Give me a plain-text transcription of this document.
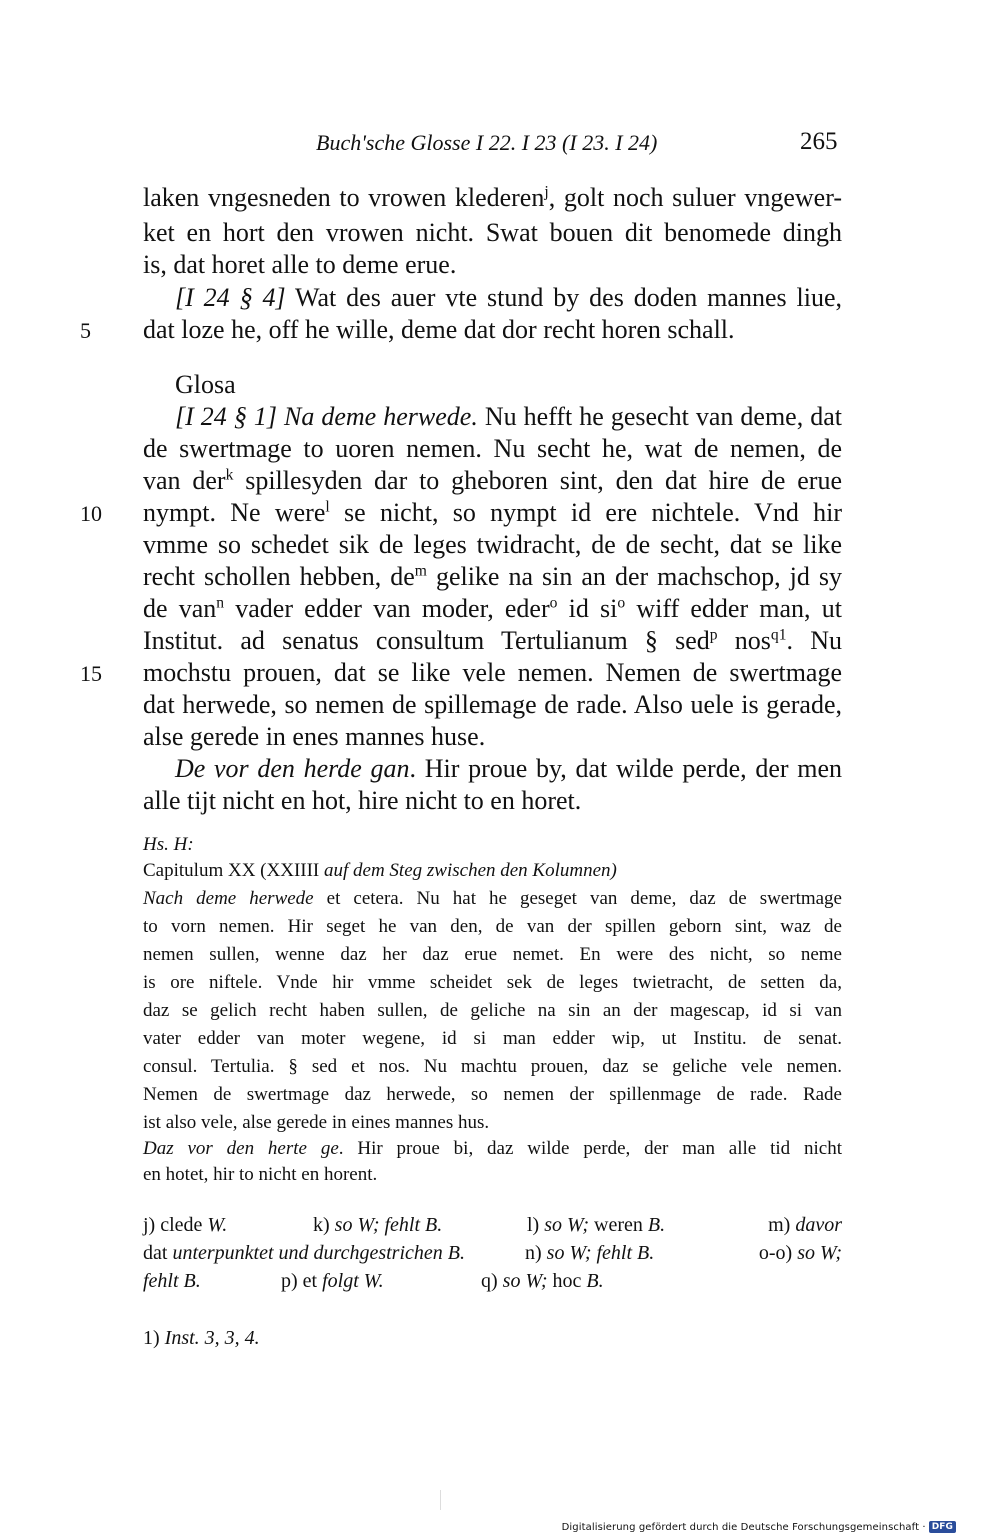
Buch'sche Glosse I 22. I 23 (I 23. I 24)	265
laken vngesneden to vrowen klederen$^j$, golt noch suluer vngewer-
ket en hort den vrowen nicht. Swat bouen dit benomede dingh
is, dat horet alle to deme erue.
[I 24 § 4] Wat des auer vte stund by des doden mannes liue,
dat loze he, off he wille, deme dat dor recht horen schall.
Glosa
[I 24 § 1] Na deme herwede. Nu hefft he gesecht van deme, dat
de swertmage to uoren nemen. Nu secht he, wat de nemen, de
van der$^k$ spillesyden dar to gheboren sint, den dat hire de erue
nympt. Ne were$^l$ se nicht, so nympt id ere nichtele. Vnd hir
vmme so schedet sik de leges twidracht, de de secht, dat se like
recht schollen hebben, $de^m$ gelike na sin an der machschop, jd sy
de van$^n$ vader edder van moder, eder$^o$ id $si^o$ wiff edder man, ut
Institut. ad senatus consultum Tertulianum § sed$^p$ nos$^{q1}$. Nu
mochstu prouen, dat se like vele nemen. Nemen de swertmage
dat herwede, so nemen de spillemage de rade. Also uele is gerade,
alse gerede in enes mannes huse.
De vor den herde gan. Hir proue by, dat wilde perde, der men
alle tijt nicht en hot, hire nicht to en horet.
5
10
15
Hs. H:
Capitulum XX (XXIIII auf dem Steg zwischen den Kolumnen)
Nach deme herwede et cetera. Nu hat he geseget van deme, daz de swertmage
to vorn nemen. Hir seget he van den, de van der spillen geborn sint, waz de
nemen sullen, wenne daz her daz erue nemet. En were des nicht, so neme
is ore niftele. Vnde hir vmme scheidet sek de leges twietracht, de setten da,
daz se gelich recht haben sullen, de geliche na sin an der magescap, id si van
vater edder van moter wegene, id si man edder wip, ut Institu. de senat.
consul. Tertulia. § sed et nos. Nu machtu prouen, daz se geliche vele nemen.
Nemen de swertmage daz herwede, so nemen der spillenmage de rade. Rade
ist also vele, alse gerede in eines mannes hus.
Daz vor den herte ge. Hir proue bi, daz wilde perde, der man alle tid nicht
en hotet, hir to nicht en horent.
j) clede W.	k) so W; fehlt B.	l) so W; weren B.	m) davor
dat unterpunktet und durchgestrichen B.	n) so W; fehlt B.	o-o) so W;
fehlt B.	p) et folgt W.	q) so W; hoc B.
1) Inst. 3, 3, 4.
Digitalisierung gefördert durch die Deutsche Forschungsgemeinschaft · DFG
